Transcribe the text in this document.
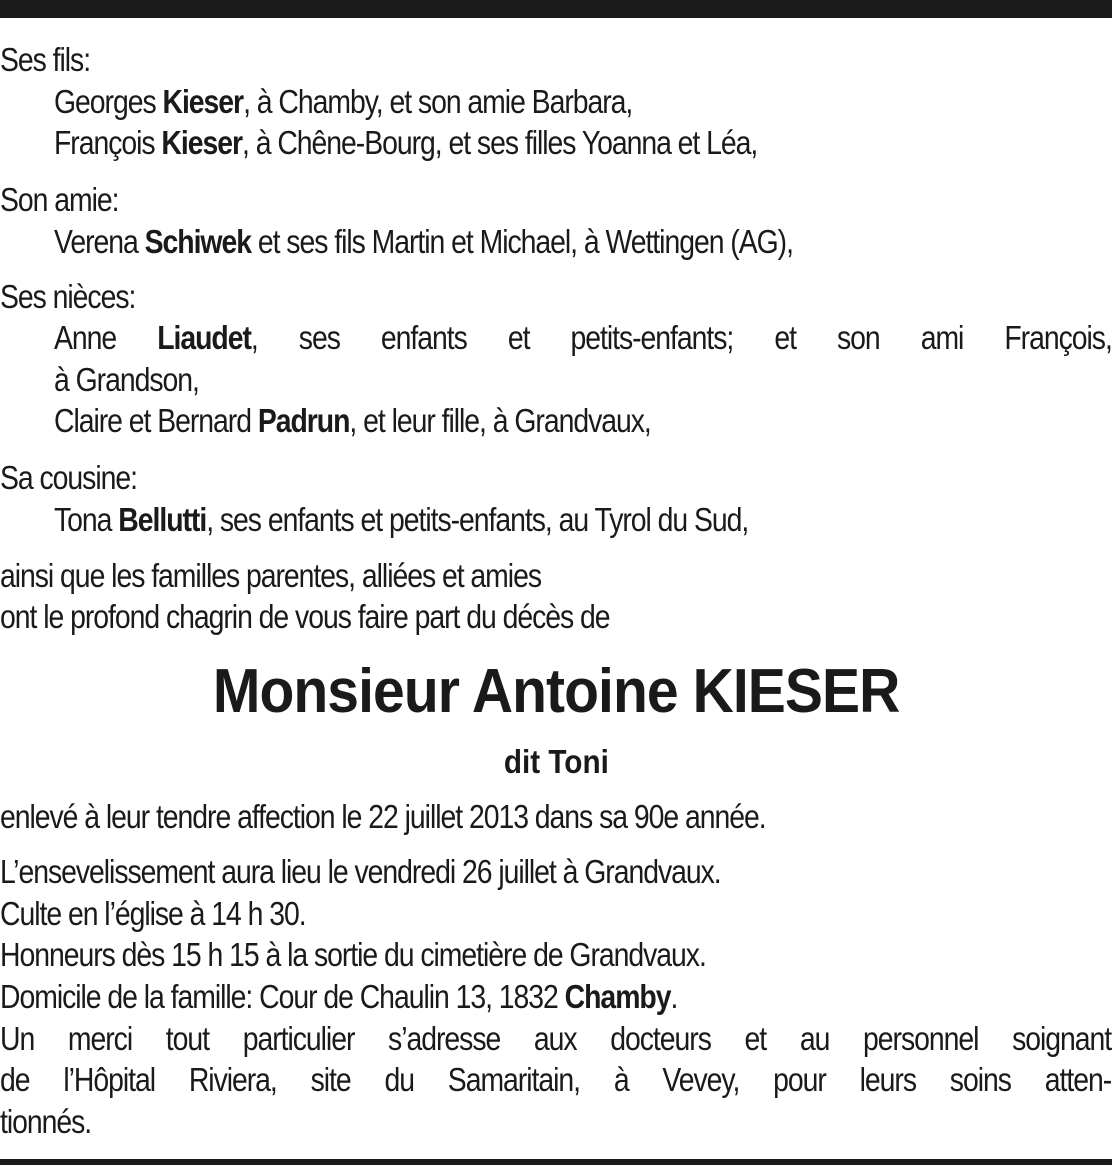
Ses fils:
Georges Kieser, à Chamby, et son amie Barbara,
François Kieser, à Chêne-Bourg, et ses filles Yoanna et Léa,
Son amie:
Verena Schiwek et ses fils Martin et Michael, à Wettingen (AG),
Ses nièces:
Anne Liaudet, ses enfants et petits-enfants; et son ami François,
à Grandson,
Claire et Bernard Padrun, et leur fille, à Grandvaux,
Sa cousine:
Tona Bellutti, ses enfants et petits-enfants, au Tyrol du Sud,
ainsi que les familles parentes, alliées et amies
ont le profond chagrin de vous faire part du décès de
Monsieur Antoine KIESER
dit Toni
enlevé à leur tendre affection le 22 juillet 2013 dans sa 90e année.
L’ensevelissement aura lieu le vendredi 26 juillet à Grandvaux.
Culte en l’église à 14 h 30.
Honneurs dès 15 h 15 à la sortie du cimetière de Grandvaux.
Domicile de la famille: Cour de Chaulin 13, 1832 Chamby.
Un merci tout particulier s’adresse aux docteurs et au personnel soignant
de l’Hôpital Riviera, site du Samaritain, à Vevey, pour leurs soins atten-
tionnés.
